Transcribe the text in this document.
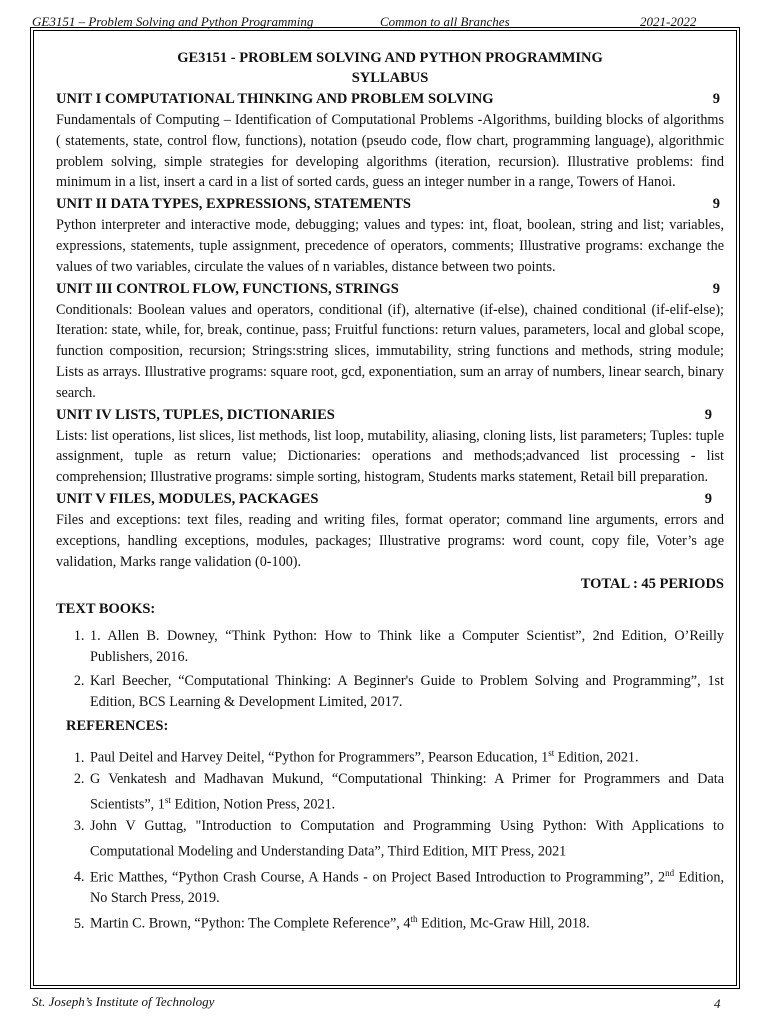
GE3151 – Problem Solving and Python Programming	Common to all Branches	2021-2022
GE3151 - PROBLEM SOLVING AND PYTHON PROGRAMMING
SYLLABUS
UNIT I COMPUTATIONAL THINKING AND PROBLEM SOLVING	9
Fundamentals of Computing – Identification of Computational Problems -Algorithms, building blocks of algorithms ( statements, state, control flow, functions), notation (pseudo code, flow chart, programming language), algorithmic problem solving, simple strategies for developing algorithms (iteration, recursion). Illustrative problems: find minimum in a list, insert a card in a list of sorted cards, guess an integer number in a range, Towers of Hanoi.
UNIT II DATA TYPES, EXPRESSIONS, STATEMENTS	9
Python interpreter and interactive mode, debugging; values and types: int, float, boolean, string and list; variables, expressions, statements, tuple assignment, precedence of operators, comments; Illustrative programs: exchange the values of two variables, circulate the values of n variables, distance between two points.
UNIT III CONTROL FLOW, FUNCTIONS, STRINGS	9
Conditionals: Boolean values and operators, conditional (if), alternative (if-else), chained conditional (if-elif-else); Iteration: state, while, for, break, continue, pass; Fruitful functions: return values, parameters, local and global scope, function composition, recursion; Strings:string slices, immutability, string functions and methods, string module; Lists as arrays. Illustrative programs: square root, gcd, exponentiation, sum an array of numbers, linear search, binary search.
UNIT IV LISTS, TUPLES, DICTIONARIES	9
Lists: list operations, list slices, list methods, list loop, mutability, aliasing, cloning lists, list parameters; Tuples: tuple assignment, tuple as return value; Dictionaries: operations and methods;advanced list processing - list comprehension; Illustrative programs: simple sorting, histogram, Students marks statement, Retail bill preparation.
UNIT V FILES, MODULES, PACKAGES	9
Files and exceptions: text files, reading and writing files, format operator; command line arguments, errors and exceptions, handling exceptions, modules, packages; Illustrative programs: word count, copy file, Voter’s age validation, Marks range validation (0-100).
TOTAL : 45 PERIODS
TEXT BOOKS:
1. 1. Allen B. Downey, “Think Python: How to Think like a Computer Scientist”, 2nd Edition, O’Reilly Publishers, 2016.
2. Karl Beecher, “Computational Thinking: A Beginner's Guide to Problem Solving and Programming”, 1st Edition, BCS Learning & Development Limited, 2017.
REFERENCES:
1. Paul Deitel and Harvey Deitel, “Python for Programmers”, Pearson Education, 1st Edition, 2021.
2. G Venkatesh and Madhavan Mukund, “Computational Thinking: A Primer for Programmers and Data Scientists”, 1st Edition, Notion Press, 2021.
3. John V Guttag, "Introduction to Computation and Programming Using Python: With Applications to Computational Modeling and Understanding Data”, Third Edition, MIT Press, 2021
4. Eric Matthes, “Python Crash Course, A Hands - on Project Based Introduction to Programming”, 2nd Edition, No Starch Press, 2019.
5. Martin C. Brown, “Python: The Complete Reference”, 4th Edition, Mc-Graw Hill, 2018.
St. Joseph’s Institute of Technology	4
